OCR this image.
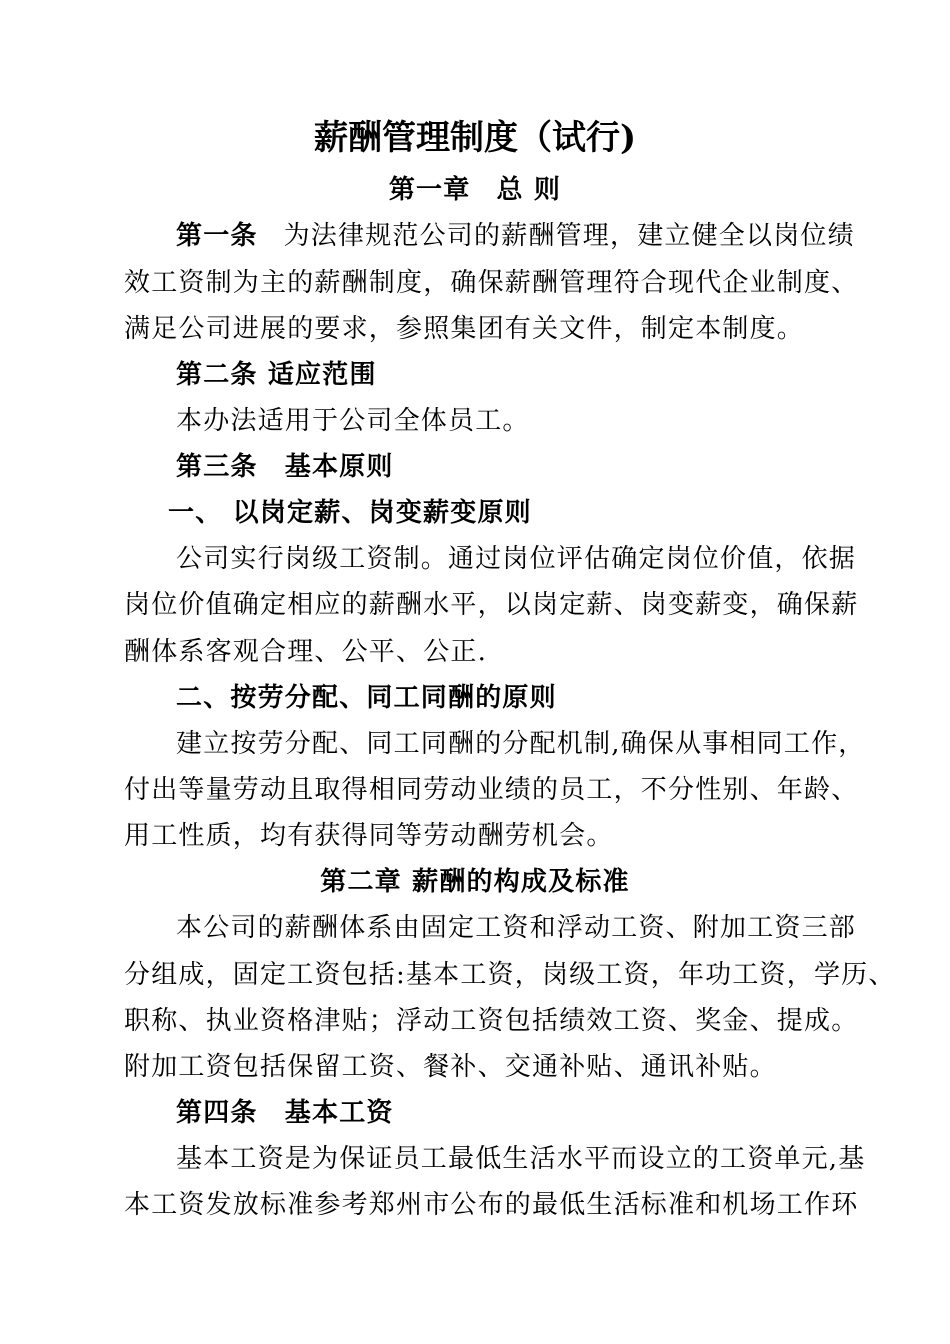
薪酬管理制度（试行)
第一章 总 则
第一条 为法律规范公司的薪酬管理，建立健全以岗位绩
效工资制为主的薪酬制度，确保薪酬管理符合现代企业制度、
满足公司进展的要求，参照集团有关文件，制定本制度。
第二条 适应范围
本办法适用于公司全体员工。
第三条　基本原则
一、 以岗定薪、岗变薪变原则
公司实行岗级工资制。通过岗位评估确定岗位价值，依据
岗位价值确定相应的薪酬水平，以岗定薪、岗变薪变，确保薪
酬体系客观合理、公平、公正.
二、按劳分配、同工同酬的原则
建立按劳分配、同工同酬的分配机制,确保从事相同工作，
付出等量劳动且取得相同劳动业绩的员工，不分性别、年龄、
用工性质，均有获得同等劳动酬劳机会。
第二章 薪酬的构成及标准
本公司的薪酬体系由固定工资和浮动工资、附加工资三部
分组成，固定工资包括:基本工资，岗级工资，年功工资，学历、
职称、执业资格津贴；浮动工资包括绩效工资、奖金、提成。
附加工资包括保留工资、餐补、交通补贴、通讯补贴。
第四条　基本工资
基本工资是为保证员工最低生活水平而设立的工资单元,基
本工资发放标准参考郑州市公布的最低生活标准和机场工作环
